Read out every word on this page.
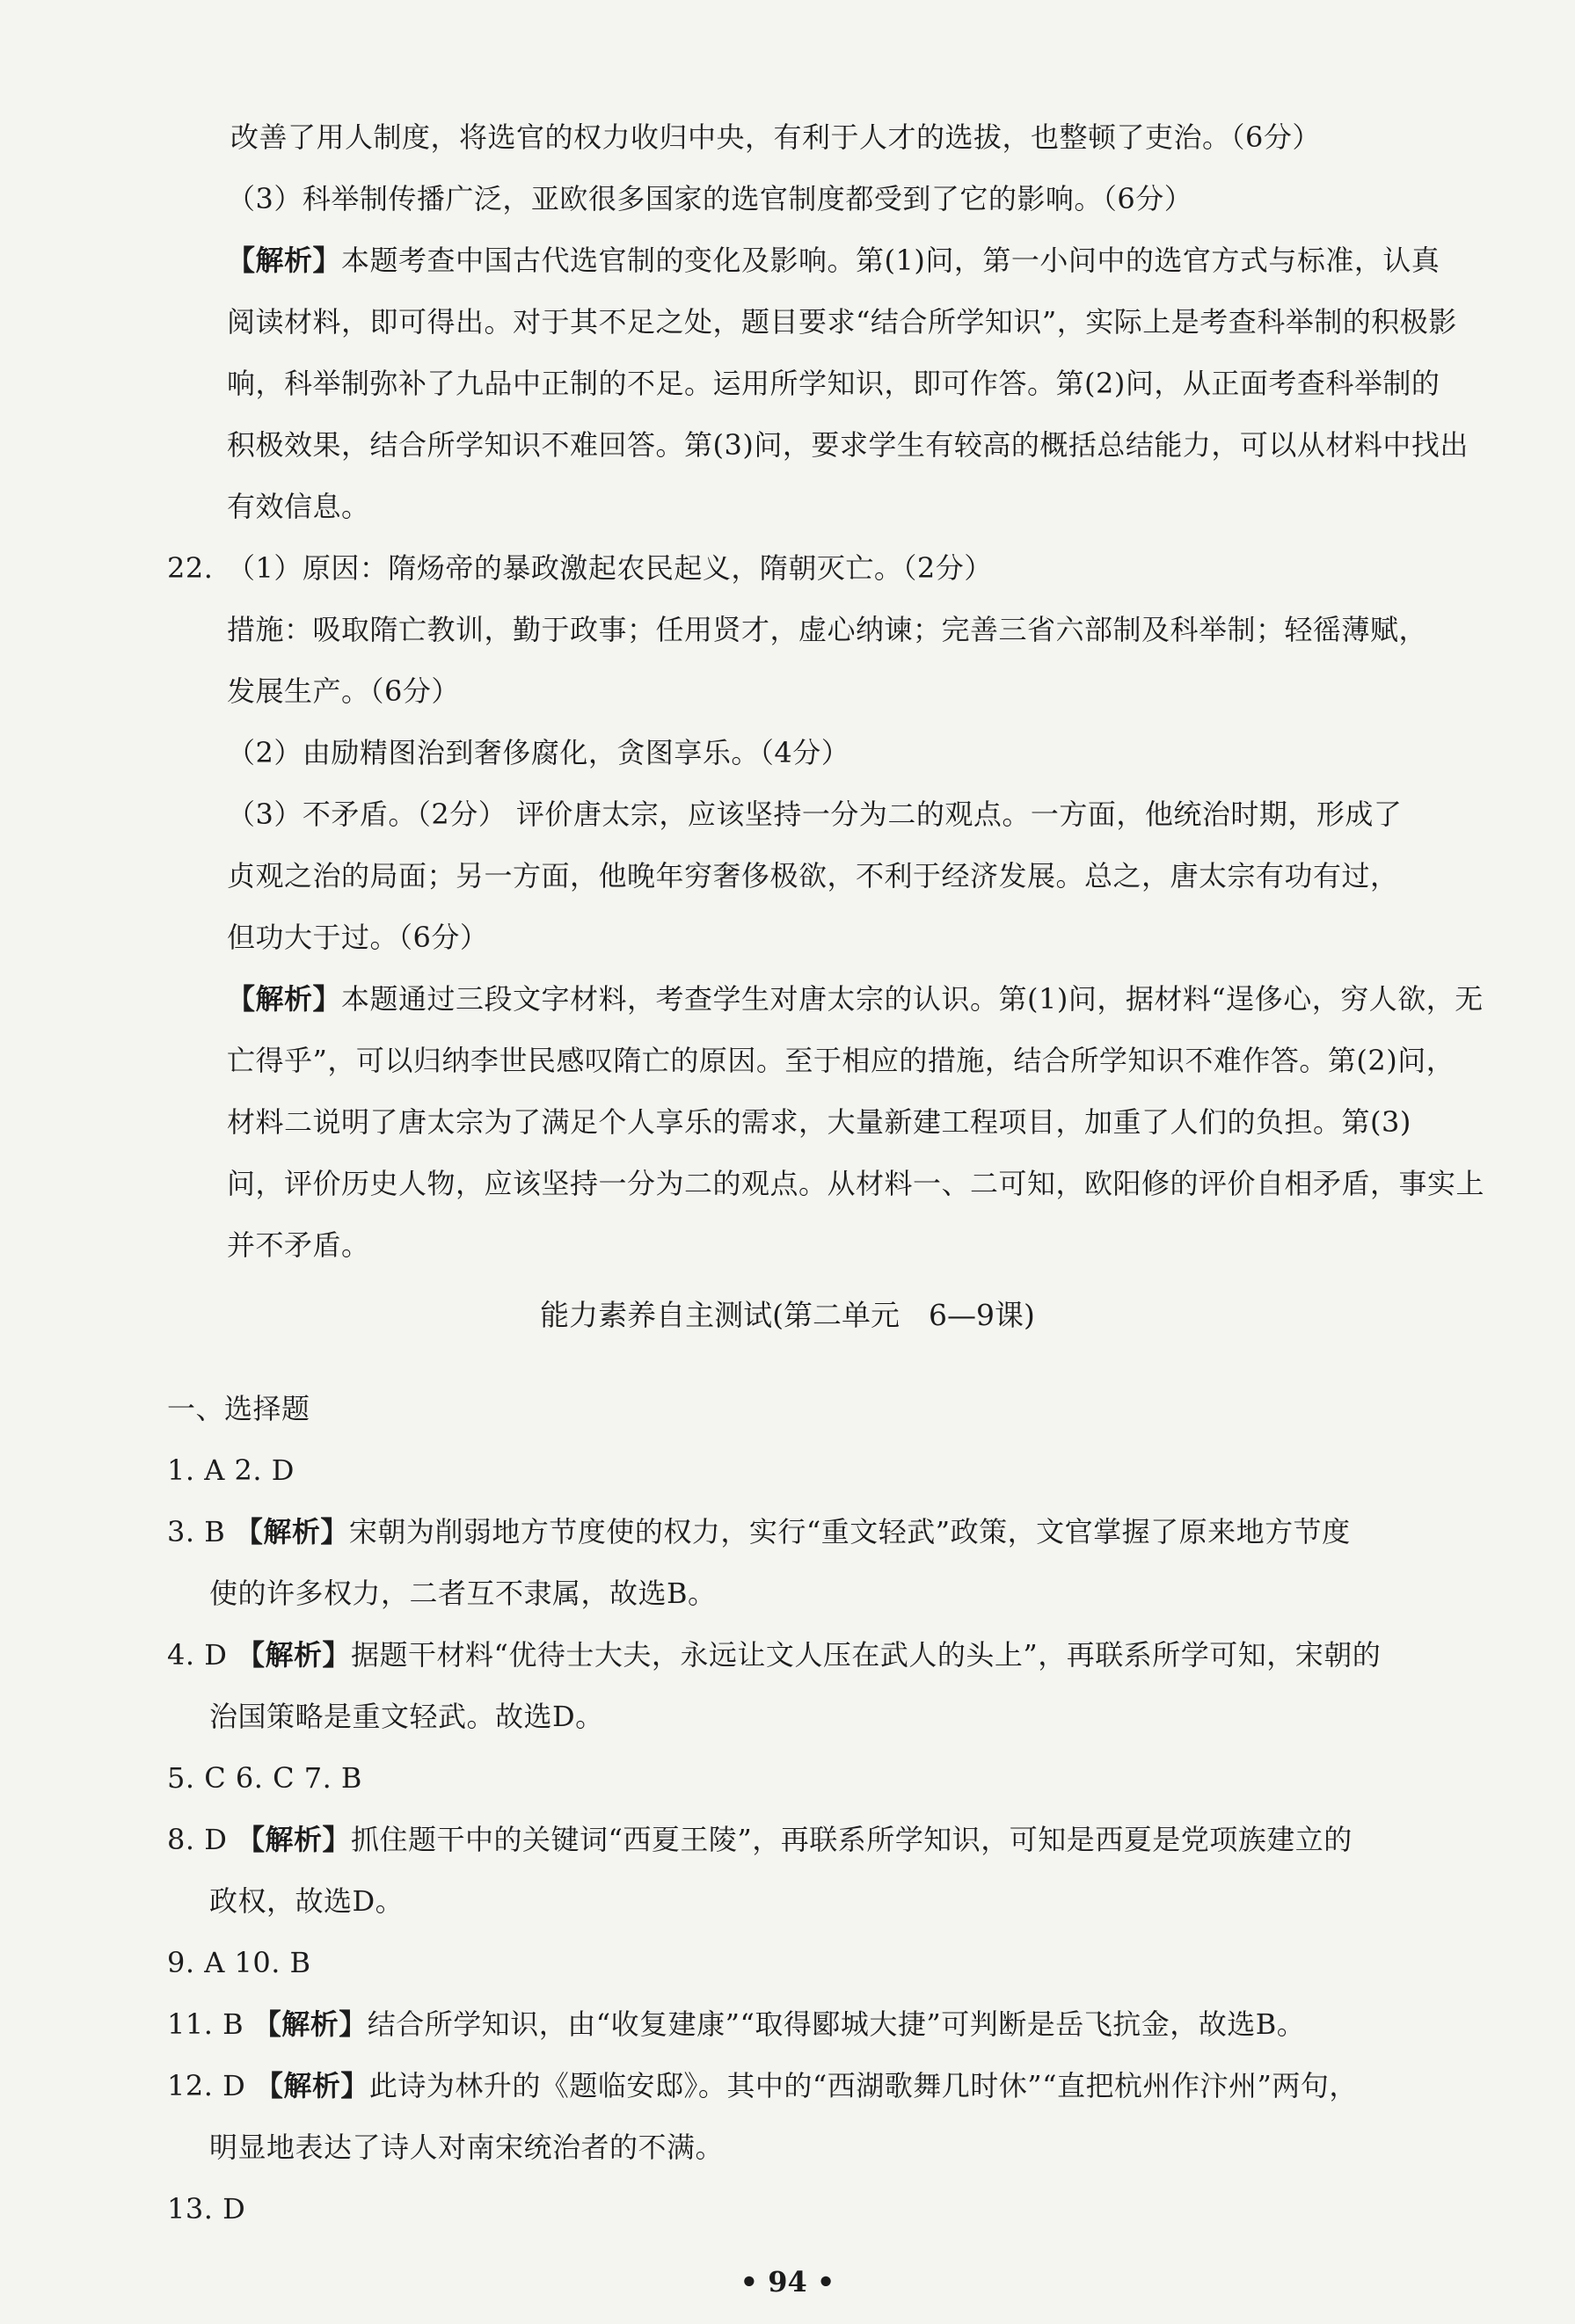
改善了用人制度，将选官的权力收归中央，有利于人才的选拔，也整顿了吏治。（6分）
（3）科举制传播广泛，亚欧很多国家的选官制度都受到了它的影响。（6分）
【解析】本题考查中国古代选官制的变化及影响。第(1)问，第一小问中的选官方式与标准，认真
阅读材料，即可得出。对于其不足之处，题目要求“结合所学知识”，实际上是考查科举制的积极影
响，科举制弥补了九品中正制的不足。运用所学知识，即可作答。第(2)问，从正面考查科举制的
积极效果，结合所学知识不难回答。第(3)问，要求学生有较高的概括总结能力，可以从材料中找出
有效信息。
22. （1）原因：隋炀帝的暴政激起农民起义，隋朝灭亡。（2分）
措施：吸取隋亡教训，勤于政事；任用贤才，虚心纳谏；完善三省六部制及科举制；轻徭薄赋，
发展生产。（6分）
（2）由励精图治到奢侈腐化，贪图享乐。（4分）
（3）不矛盾。（2分） 评价唐太宗，应该坚持一分为二的观点。一方面，他统治时期，形成了
贞观之治的局面；另一方面，他晚年穷奢侈极欲，不利于经济发展。总之，唐太宗有功有过，
但功大于过。（6分）
【解析】本题通过三段文字材料，考查学生对唐太宗的认识。第(1)问，据材料“逞侈心，穷人欲，无
亡得乎”，可以归纳李世民感叹隋亡的原因。至于相应的措施，结合所学知识不难作答。第(2)问，
材料二说明了唐太宗为了满足个人享乐的需求，大量新建工程项目，加重了人们的负担。第(3)
问，评价历史人物，应该坚持一分为二的观点。从材料一、二可知，欧阳修的评价自相矛盾，事实上
并不矛盾。
能力素养自主测试(第二单元　6—9课)
一、选择题
1. A 2. D
3. B 【解析】宋朝为削弱地方节度使的权力，实行“重文轻武”政策，文官掌握了原来地方节度
使的许多权力，二者互不隶属，故选B。
4. D 【解析】据题干材料“优待士大夫，永远让文人压在武人的头上”，再联系所学可知，宋朝的
治国策略是重文轻武。故选D。
5. C 6. C 7. B
8. D 【解析】抓住题干中的关键词“西夏王陵”，再联系所学知识，可知是西夏是党项族建立的
政权，故选D。
9. A 10. B
11. B 【解析】结合所学知识，由“收复建康”“取得郾城大捷”可判断是岳飞抗金，故选B。
12. D 【解析】此诗为林升的《题临安邸》。其中的“西湖歌舞几时休”“直把杭州作汴州”两句，
明显地表达了诗人对南宋统治者的不满。
13. D
• 94 •
